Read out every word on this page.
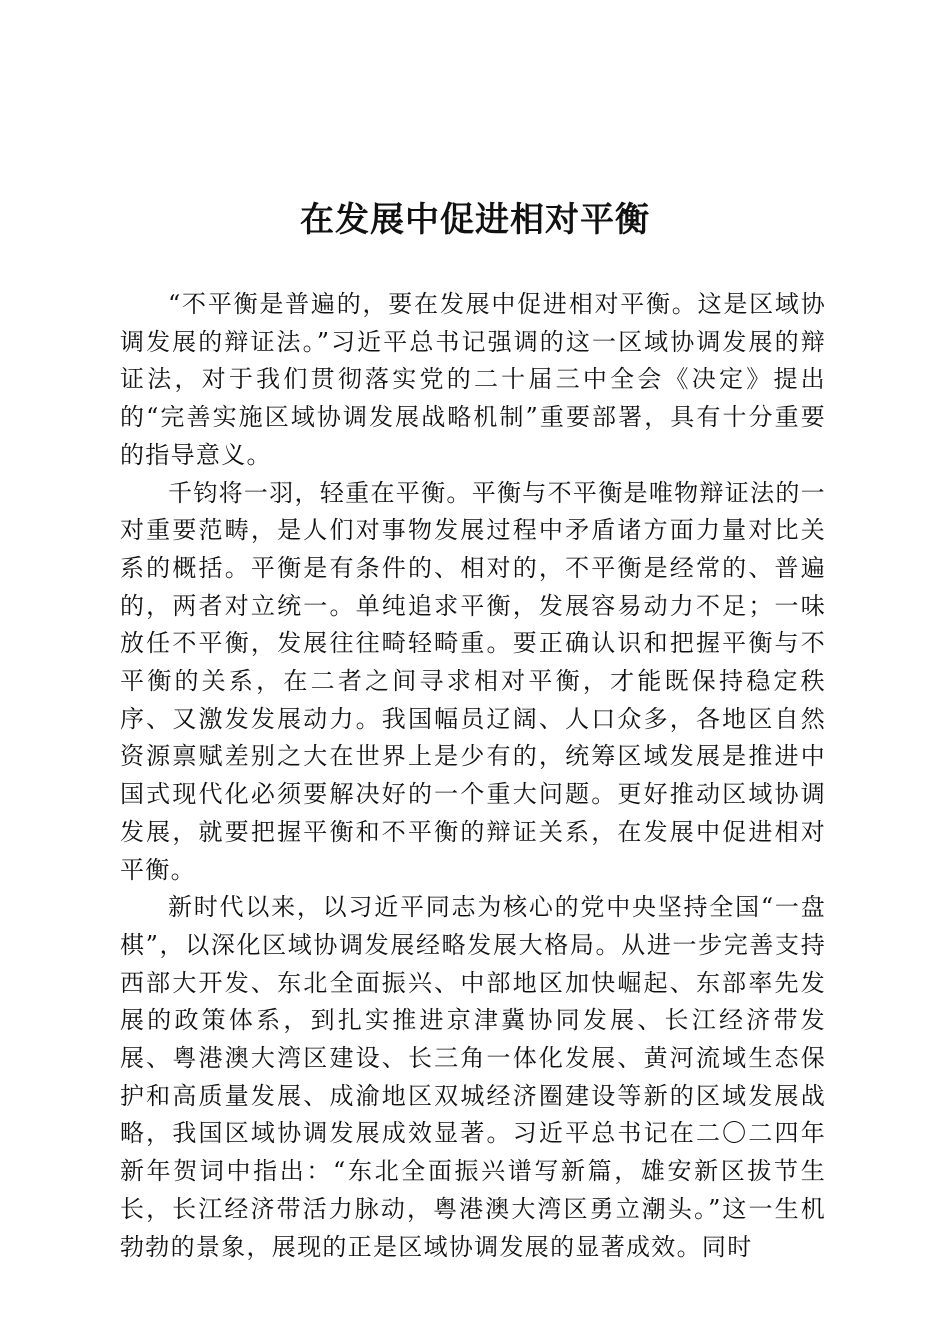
在发展中促进相对平衡

“不平衡是普遍的，要在发展中促进相对平衡。这是区域协调发展的辩证法。”习近平总书记强调的这一区域协调发展的辩证法，对于我们贯彻落实党的二十届三中全会《决定》提出的“完善实施区域协调发展战略机制”重要部署，具有十分重要的指导意义。

千钧将一羽，轻重在平衡。平衡与不平衡是唯物辩证法的一对重要范畴，是人们对事物发展过程中矛盾诸方面力量对比关系的概括。平衡是有条件的、相对的，不平衡是经常的、普遍的，两者对立统一。单纯追求平衡，发展容易动力不足；一味放任不平衡，发展往往畸轻畸重。要正确认识和把握平衡与不平衡的关系，在二者之间寻求相对平衡，才能既保持稳定秩序、又激发发展动力。我国幅员辽阔、人口众多，各地区自然资源禀赋差别之大在世界上是少有的，统筹区域发展是推进中国式现代化必须要解决好的一个重大问题。更好推动区域协调发展，就要把握平衡和不平衡的辩证关系，在发展中促进相对平衡。

新时代以来，以习近平同志为核心的党中央坚持全国“一盘棋”，以深化区域协调发展经略发展大格局。从进一步完善支持西部大开发、东北全面振兴、中部地区加快崛起、东部率先发展的政策体系，到扎实推进京津冀协同发展、长江经济带发展、粤港澳大湾区建设、长三角一体化发展、黄河流域生态保护和高质量发展、成渝地区双城经济圈建设等新的区域发展战略，我国区域协调发展成效显著。习近平总书记在二〇二四年新年贺词中指出：“东北全面振兴谱写新篇，雄安新区拔节生长，长江经济带活力脉动，粤港澳大湾区勇立潮头。”这一生机勃勃的景象，展现的正是区域协调发展的显著成效。同时
